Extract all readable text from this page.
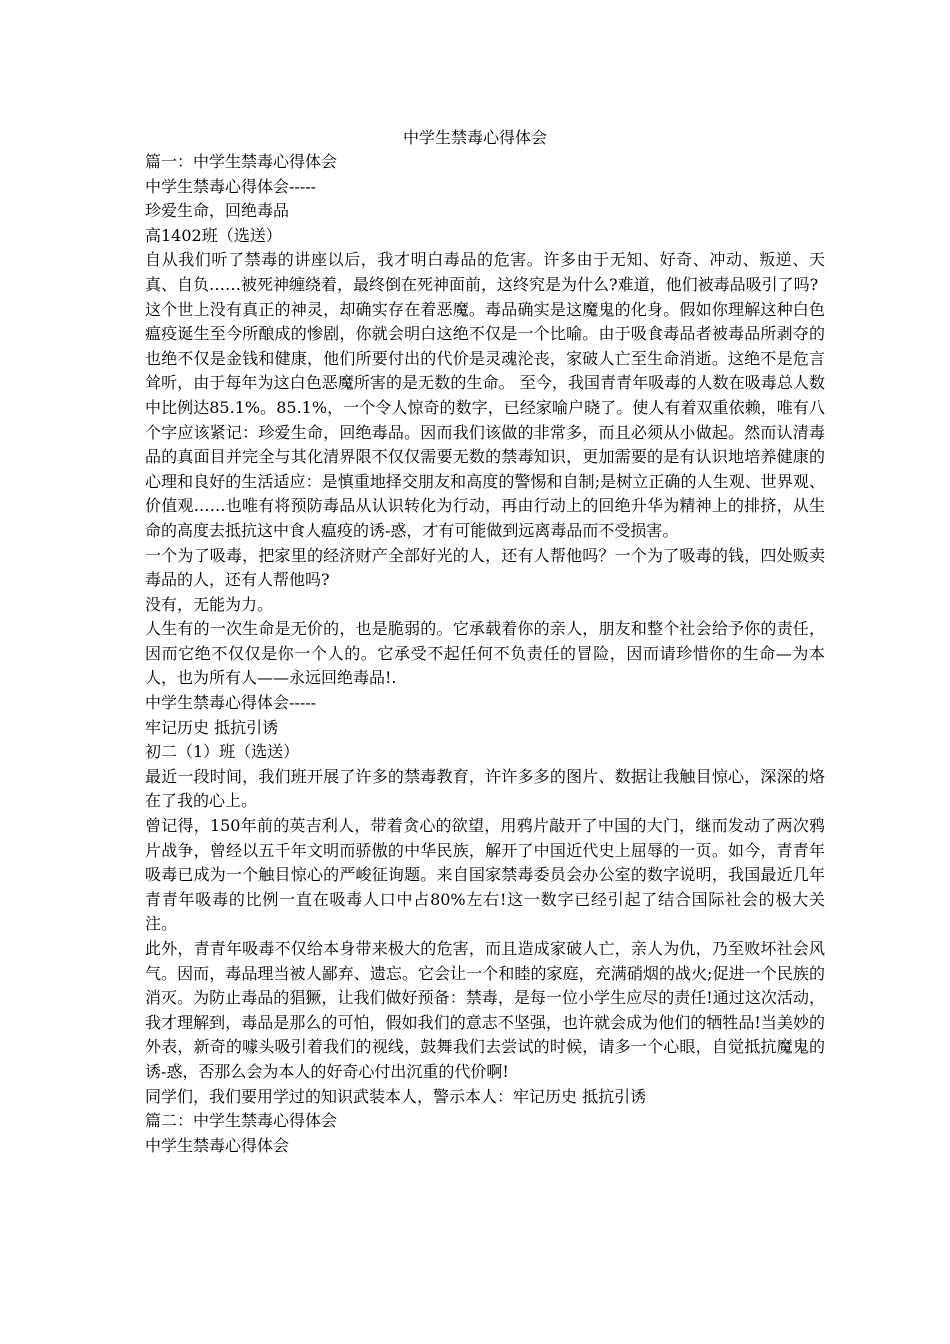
中学生禁毒心得体会

篇一：中学生禁毒心得体会

中学生禁毒心得体会-----

珍爱生命，回绝毒品

高1402班（选送）

自从我们听了禁毒的讲座以后，我才明白毒品的危害。许多由于无知、好奇、冲动、叛逆、天真、自负……被死神缠绕着，最终倒在死神面前，这终究是为什么?难道，他们被毒品吸引了吗?

这个世上没有真正的神灵，却确实存在着恶魔。毒品确实是这魔鬼的化身。假如你理解这种白色瘟疫诞生至今所酿成的惨剧，你就会明白这绝不仅是一个比喻。由于吸食毒品者被毒品所剥夺的也绝不仅是金钱和健康，他们所要付出的代价是灵魂沦丧，家破人亡至生命消逝。这绝不是危言耸听，由于每年为这白色恶魔所害的是无数的生命。 至今，我国青青年吸毒的人数在吸毒总人数中比例达85.1%。85.1%，一个令人惊奇的数字，已经家喻户晓了。使人有着双重依赖，唯有八个字应该紧记：珍爱生命，回绝毒品。因而我们该做的非常多，而且必须从小做起。然而认清毒品的真面目并完全与其化清界限不仅仅需要无数的禁毒知识，更加需要的是有认识地培养健康的心理和良好的生活适应：是慎重地择交朋友和高度的警惕和自制;是树立正确的人生观、世界观、价值观……也唯有将预防毒品从认识转化为行动，再由行动上的回绝升华为精神上的排挤，从生命的高度去抵抗这中食人瘟疫的诱-惑，才有可能做到远离毒品而不受损害。

一个为了吸毒，把家里的经济财产全部好光的人，还有人帮他吗？一个为了吸毒的钱，四处贩卖毒品的人，还有人帮他吗?

没有，无能为力。

人生有的一次生命是无价的，也是脆弱的。它承载着你的亲人，朋友和整个社会给予你的责任，因而它绝不仅仅是你一个人的。它承受不起任何不负责任的冒险，因而请珍惜你的生命—为本人，也为所有人——永远回绝毒品!.

中学生禁毒心得体会-----

牢记历史 抵抗引诱

初二（1）班（选送）

最近一段时间，我们班开展了许多的禁毒教育，许许多多的图片、数据让我触目惊心，深深的烙在了我的心上。

曾记得，150年前的英吉利人，带着贪心的欲望，用鸦片敲开了中国的大门，继而发动了两次鸦片战争，曾经以五千年文明而骄傲的中华民族，解开了中国近代史上屈辱的一页。如今，青青年吸毒已成为一个触目惊心的严峻征询题。来自国家禁毒委员会办公室的数字说明，我国最近几年青青年吸毒的比例一直在吸毒人口中占80%左右!这一数字已经引起了结合国际社会的极大关注。

此外，青青年吸毒不仅给本身带来极大的危害，而且造成家破人亡，亲人为仇，乃至败坏社会风气。因而，毒品理当被人鄙弃、遗忘。它会让一个和睦的家庭，充满硝烟的战火;促进一个民族的消灭。为防止毒品的猖獗，让我们做好预备：禁毒，是每一位小学生应尽的责任!通过这次活动，我才理解到，毒品是那么的可怕，假如我们的意志不坚强，也许就会成为他们的牺牲品!当美妙的外表，新奇的噱头吸引着我们的视线，鼓舞我们去尝试的时候，请多一个心眼，自觉抵抗魔鬼的诱-惑，否那么会为本人的好奇心付出沉重的代价啊!

同学们，我们要用学过的知识武装本人，警示本人：牢记历史 抵抗引诱

篇二：中学生禁毒心得体会

中学生禁毒心得体会
